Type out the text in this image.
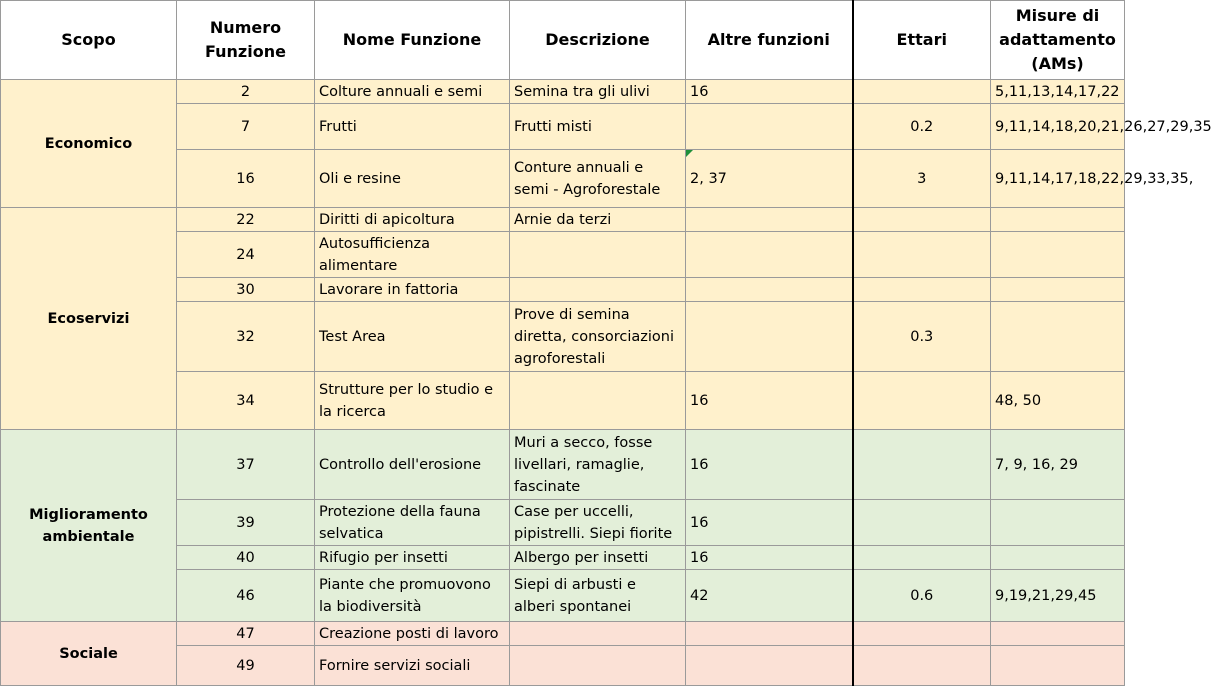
Scopo	Numero Funzione	Nome Funzione	Descrizione	Altre funzioni	Ettari	Misure di adattamento (AMs)
Economico	2	Colture annuali e semi	Semina tra gli ulivi	16		5,11,13,14,17,22
	7	Frutti	Frutti misti		0.2	9,11,14,18,20,21,26,27,29,35
	16	Oli e resine	Conture annuali e semi - Agroforestale	2, 37	3	9,11,14,17,18,22,29,33,35,
Ecoservizi	22	Diritti di apicoltura	Arnie da terzi			
	24	Autosufficienza alimentare				
	30	Lavorare in fattoria				
	32	Test Area	Prove di semina diretta, consorciazioni agroforestali		0.3	
	34	Strutture per lo studio e la ricerca		16		48, 50
Miglioramento ambientale	37	Controllo dell'erosione	Muri a secco, fosse livellari, ramaglie, fascinate	16		7, 9, 16, 29
	39	Protezione della fauna selvatica	Case per uccelli, pipistrelli. Siepi fiorite	16		
	40	Rifugio per insetti	Albergo per insetti	16		
	46	Piante che promuovono la biodiversità	Siepi di arbusti e alberi spontanei	42	0.6	9,19,21,29,45
Sociale	47	Creazione posti di lavoro				
	49	Fornire servizi sociali				
